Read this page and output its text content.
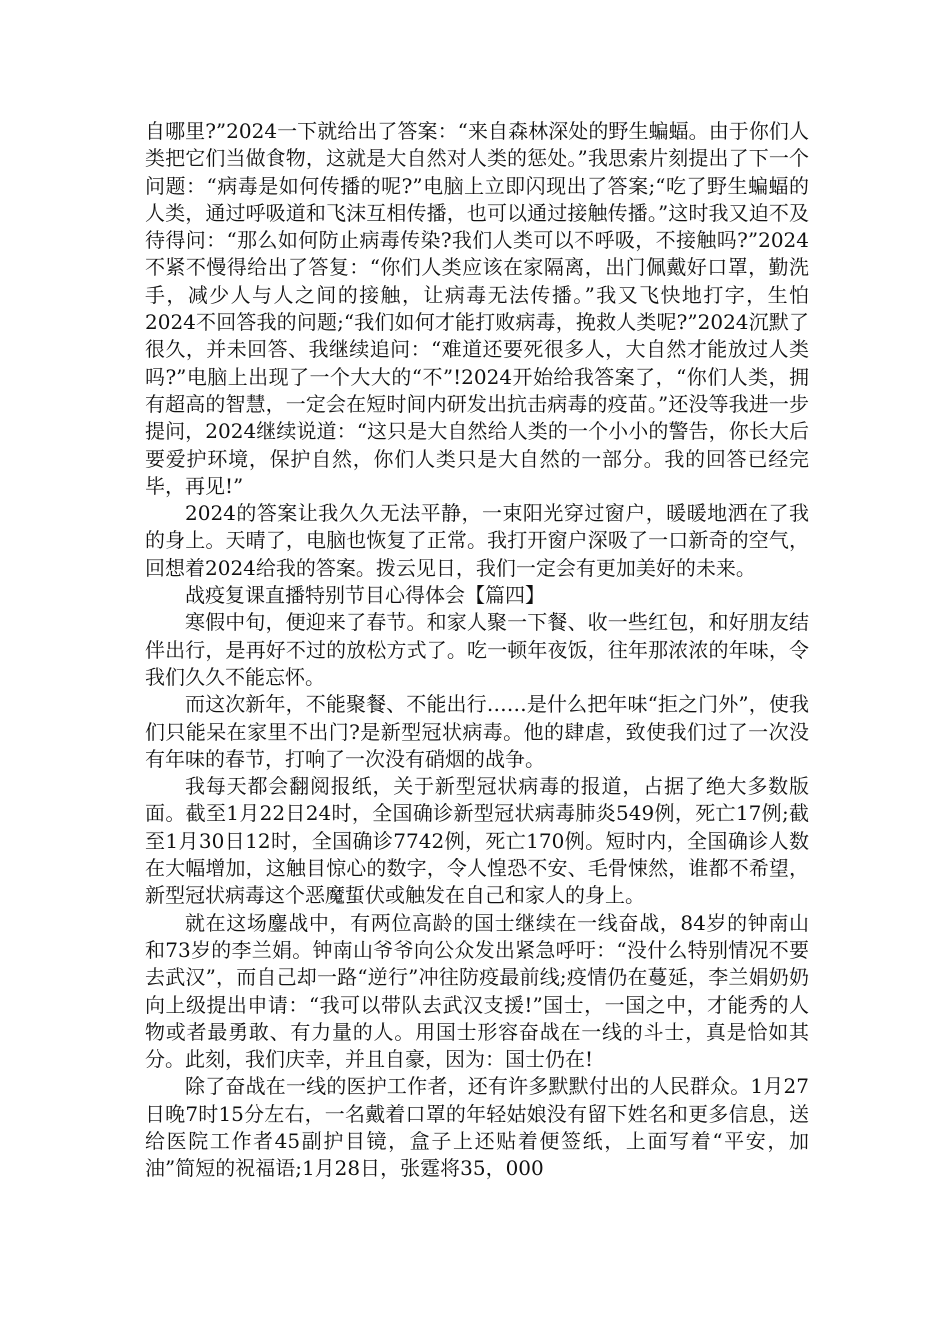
自哪里?”2024一下就给出了答案：“来自森林深处的野生蝙蝠。由于你们人类把它们当做食物，这就是大自然对人类的惩处。”我思索片刻提出了下一个问题：“病毒是如何传播的呢?”电脑上立即闪现出了答案;“吃了野生蝙蝠的人类，通过呼吸道和飞沫互相传播，也可以通过接触传播。”这时我又迫不及待得问：“那么如何防止病毒传染?我们人类可以不呼吸，不接触吗?”2024不紧不慢得给出了答复：“你们人类应该在家隔离，出门佩戴好口罩，勤洗手，减少人与人之间的接触，让病毒无法传播。”我又飞快地打字，生怕2024不回答我的问题;“我们如何才能打败病毒，挽救人类呢?”2024沉默了很久，并未回答、我继续追问：“难道还要死很多人，大自然才能放过人类吗?”电脑上出现了一个大大的“不”!2024开始给我答案了，“你们人类，拥有超高的智慧，一定会在短时间内研发出抗击病毒的疫苗。”还没等我进一步提问，2024继续说道：“这只是大自然给人类的一个小小的警告，你长大后要爱护环境，保护自然，你们人类只是大自然的一部分。我的回答已经完毕，再见!”

2024的答案让我久久无法平静，一束阳光穿过窗户，暖暖地洒在了我的身上。天晴了，电脑也恢复了正常。我打开窗户深吸了一口新奇的空气，回想着2024给我的答案。拨云见日，我们一定会有更加美好的未来。

战疫复课直播特别节目心得体会【篇四】

寒假中旬，便迎来了春节。和家人聚一下餐、收一些红包，和好朋友结伴出行，是再好不过的放松方式了。吃一顿年夜饭，往年那浓浓的年味，令我们久久不能忘怀。

而这次新年，不能聚餐、不能出行……是什么把年味“拒之门外”，使我们只能呆在家里不出门?是新型冠状病毒。他的肆虐，致使我们过了一次没有年味的春节，打响了一次没有硝烟的战争。

我每天都会翻阅报纸，关于新型冠状病毒的报道，占据了绝大多数版面。截至1月22日24时，全国确诊新型冠状病毒肺炎549例，死亡17例;截至1月30日12时，全国确诊7742例，死亡170例。短时内，全国确诊人数在大幅增加，这触目惊心的数字，令人惶恐不安、毛骨悚然，谁都不希望，新型冠状病毒这个恶魔蜇伏或触发在自己和家人的身上。

就在这场鏖战中，有两位高龄的国士继续在一线奋战，84岁的钟南山和73岁的李兰娟。钟南山爷爷向公众发出紧急呼吁：“没什么特别情况不要去武汉”，而自己却一路“逆行”冲往防疫最前线;疫情仍在蔓延，李兰娟奶奶向上级提出申请：“我可以带队去武汉支援!”国士，一国之中，才能秀的人物或者最勇敢、有力量的人。用国士形容奋战在一线的斗士，真是恰如其分。此刻，我们庆幸，并且自豪，因为：国士仍在!

除了奋战在一线的医护工作者，还有许多默默付出的人民群众。1月27日晚7时15分左右，一名戴着口罩的年轻姑娘没有留下姓名和更多信息，送给医院工作者45副护目镜，盒子上还贴着便签纸，上面写着“平安，加油”简短的祝福语;1月28日，张霆将35，000
